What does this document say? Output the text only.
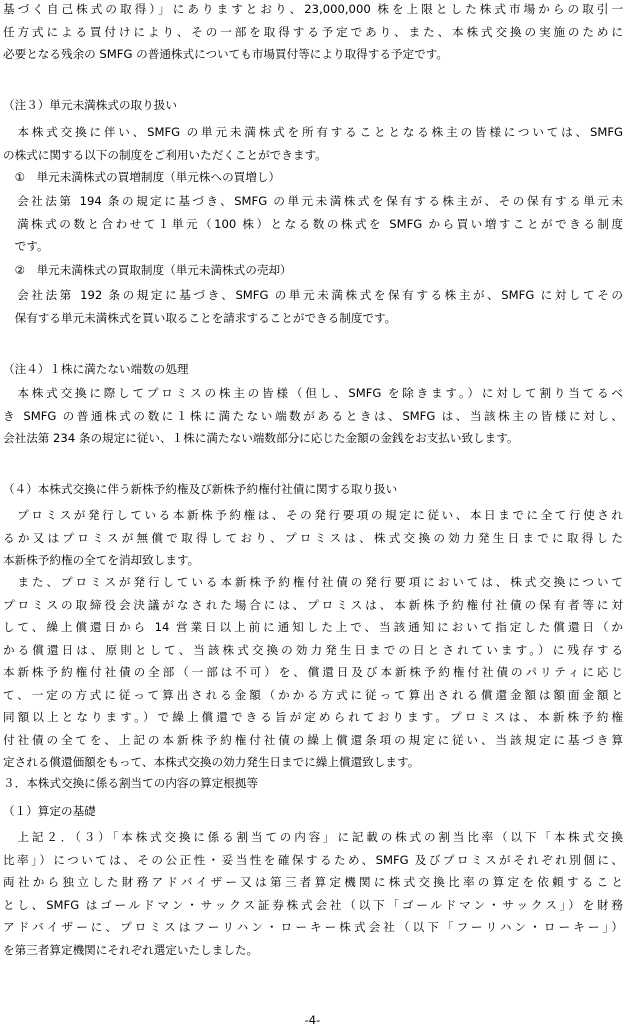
基づく自己株式の取得）」にありますとおり、23,000,000 株を上限とした株式市場からの取引一
任方式による買付けにより、その一部を取得する予定であり、また、本株式交換の実施のために
必要となる残余の SMFG の普通株式についても市場買付等により取得する予定です。
（注３）単元未満株式の取り扱い
　本株式交換に伴い、SMFG の単元未満株式を所有することとなる株主の皆様については、SMFG
の株式に関する以下の制度をご利用いただくことができます。
　①　単元未満株式の買増制度（単元株への買増し）
　会社法第 194 条の規定に基づき、SMFG の単元未満株式を保有する株主が、その保有する単元未
　満株式の数と合わせて１単元（100 株）となる数の株式を SMFG から買い増すことができる制度
　です。
　②　単元未満株式の買取制度（単元未満株式の売却）
　会社法第 192 条の規定に基づき、SMFG の単元未満株式を保有する株主が、SMFG に対してその
　保有する単元未満株式を買い取ることを請求することができる制度です。
（注４）１株に満たない端数の処理
　本株式交換に際してプロミスの株主の皆様（但し、SMFG を除きます。）に対して割り当てるべ
き SMFG の普通株式の数に１株に満たない端数があるときは、SMFG は、当該株主の皆様に対し、
会社法第 234 条の規定に従い、１株に満たない端数部分に応じた金額の金銭をお支払い致します。
（４）本株式交換に伴う新株予約権及び新株予約権付社債に関する取り扱い
　プロミスが発行している本新株予約権は、その発行要項の規定に従い、本日までに全て行使され
るか又はプロミスが無償で取得しており、プロミスは、株式交換の効力発生日までに取得した
本新株予約権の全てを消却致します。
　また、プロミスが発行している本新株予約権付社債の発行要項においては、株式交換について
プロミスの取締役会決議がなされた場合には、プロミスは、本新株予約権付社債の保有者等に対
して、繰上償還日から 14 営業日以上前に通知した上で、当該通知において指定した償還日（か
かる償還日は、原則として、当該株式交換の効力発生日までの日とされています。）に残存する
本新株予約権付社債の全部（一部は不可）を、償還日及び本新株予約権付社債のパリティに応じ
て、一定の方式に従って算出される金額（かかる方式に従って算出される償還金額は額面金額と
同額以上となります。）で繰上償還できる旨が定められております。プロミスは、本新株予約権
付社債の全てを、上記の本新株予約権付社債の繰上償還条項の規定に従い、当該規定に基づき算
定される償還価額をもって、本株式交換の効力発生日までに繰上償還致します。
３．本株式交換に係る割当ての内容の算定根拠等
（１）算定の基礎
　上記２．（３）「本株式交換に係る割当ての内容」に記載の株式の割当比率（以下「本株式交換
比率」）については、その公正性・妥当性を確保するため、SMFG 及びプロミスがそれぞれ別個に、
両社から独立した財務アドバイザー又は第三者算定機関に株式交換比率の算定を依頼すること
とし、SMFG はゴールドマン・サックス証券株式会社（以下「ゴールドマン・サックス」）を財務
アドバイザーに、プロミスはフーリハン・ローキー株式会社（以下「フーリハン・ローキー」）
を第三者算定機関にそれぞれ選定いたしました。
-4-
